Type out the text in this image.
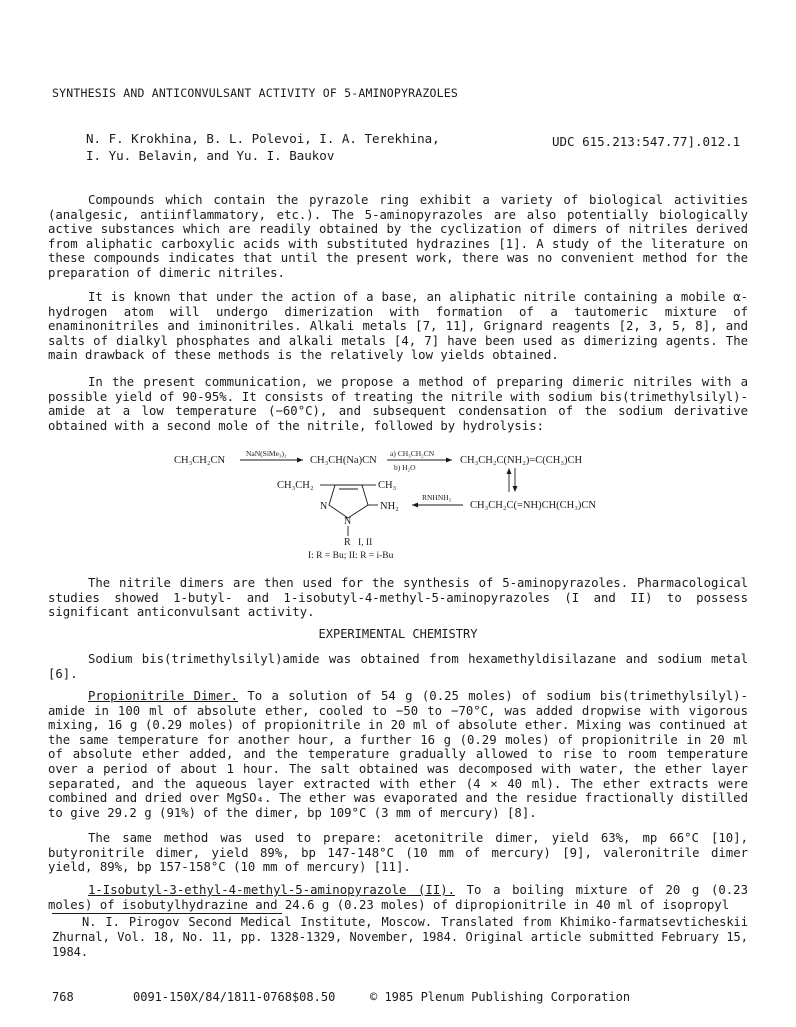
SYNTHESIS AND ANTICONVULSANT ACTIVITY OF 5-AMINOPYRAZOLES
N. F. Krokhina, B. L. Polevoi, I. A. Terekhina,
I. Yu. Belavin, and Yu. I. Baukov
UDC 615.213:547.77].012.1
Compounds which contain the pyrazole ring exhibit a variety of biological activities (analgesic, antiinflammatory, etc.). The 5-aminopyrazoles are also potentially biologically active substances which are readily obtained by the cyclization of dimers of nitriles derived from aliphatic carboxylic acids with substituted hydrazines [1]. A study of the literature on these compounds indicates that until the present work, there was no convenient method for the preparation of dimeric nitriles.
It is known that under the action of a base, an aliphatic nitrile containing a mobile α-hydrogen atom will undergo dimerization with formation of a tautomeric mixture of enaminonitriles and iminonitriles. Alkali metals [7, 11], Grignard reagents [2, 3, 5, 8], and salts of dialkyl phosphates and alkali metals [4, 7] have been used as dimerizing agents. The main drawback of these methods is the relatively low yields obtained.
In the present communication, we propose a method of preparing dimeric nitriles with a possible yield of 90-95%. It consists of treating the nitrile with sodium bis(trimethylsilyl)-amide at a low temperature (−60°C), and subsequent condensation of the sodium derivative obtained with a second mole of the nitrile, followed by hydrolysis:
CH₃CH₂CN
NaN(SiMe₃)₂
CH₃CH(Na)CN
a) CH₃CH₂CN
b) H₂O
CH₃CH₂C(NH₂)=C(CH₃)CH
CH₃CH₂	CH₃
N
N
NH₂
R I, II
I: R = Bu; II: R = i-Bu
RNHNH₂
CH₃CH₂C(=NH)CH(CH₃)CN
The nitrile dimers are then used for the synthesis of 5-aminopyrazoles. Pharmacological studies showed 1-butyl- and 1-isobutyl-4-methyl-5-aminopyrazoles (I and II) to possess significant anticonvulsant activity.
EXPERIMENTAL CHEMISTRY
Sodium bis(trimethylsilyl)amide was obtained from hexamethyldisilazane and sodium metal [6].
Propionitrile Dimer. To a solution of 54 g (0.25 moles) of sodium bis(trimethylsilyl)-amide in 100 ml of absolute ether, cooled to −50 to −70°C, was added dropwise with vigorous mixing, 16 g (0.29 moles) of propionitrile in 20 ml of absolute ether. Mixing was continued at the same temperature for another hour, a further 16 g (0.29 moles) of propionitrile in 20 ml of absolute ether added, and the temperature gradually allowed to rise to room temperature over a period of about 1 hour. The salt obtained was decomposed with water, the ether layer separated, and the aqueous layer extracted with ether (4 × 40 ml). The ether extracts were combined and dried over MgSO₄. The ether was evaporated and the residue fractionally distilled to give 29.2 g (91%) of the dimer, bp 109°C (3 mm of mercury) [8].
The same method was used to prepare: acetonitrile dimer, yield 63%, mp 66°C [10], butyronitrile dimer, yield 89%, bp 147-148°C (10 mm of mercury) [9], valeronitrile dimer yield, 89%, bp 157-158°C (10 mm of mercury) [11].
1-Isobutyl-3-ethyl-4-methyl-5-aminopyrazole (II). To a boiling mixture of 20 g (0.23 moles) of isobutylhydrazine and 24.6 g (0.23 moles) of dipropionitrile in 40 ml of isopropyl
N. I. Pirogov Second Medical Institute, Moscow. Translated from Khimiko-farmatsevticheskii Zhurnal, Vol. 18, No. 11, pp. 1328-1329, November, 1984. Original article submitted February 15, 1984.
768	0091-150X/84/1811-0768$08.50	© 1985 Plenum Publishing Corporation
